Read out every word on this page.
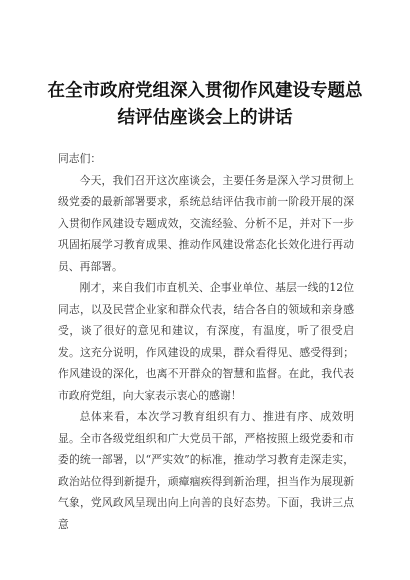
在全市政府党组深入贯彻作风建设专题总结评估座谈会上的讲话

同志们：

今天，我们召开这次座谈会，主要任务是深入学习贯彻上级党委的最新部署要求，系统总结评估我市前一阶段开展的深入贯彻作风建设专题成效，交流经验、分析不足，并对下一步巩固拓展学习教育成果、推动作风建设常态化长效化进行再动员、再部署。

刚才，来自我们市直机关、企事业单位、基层一线的12位同志，以及民营企业家和群众代表，结合各自的领域和亲身感受，谈了很好的意见和建议，有深度，有温度，听了很受启发。这充分说明，作风建设的成果，群众看得见、感受得到；作风建设的深化，也离不开群众的智慧和监督。在此，我代表市政府党组，向大家表示衷心的感谢！

总体来看，本次学习教育组织有力、推进有序、成效明显。全市各级党组织和广大党员干部，严格按照上级党委和市委的统一部署，以“严实效”的标准，推动学习教育走深走实，政治站位得到新提升，顽瘴痼疾得到新治理，担当作为展现新气象，党风政风呈现出向上向善的良好态势。下面，我讲三点意
